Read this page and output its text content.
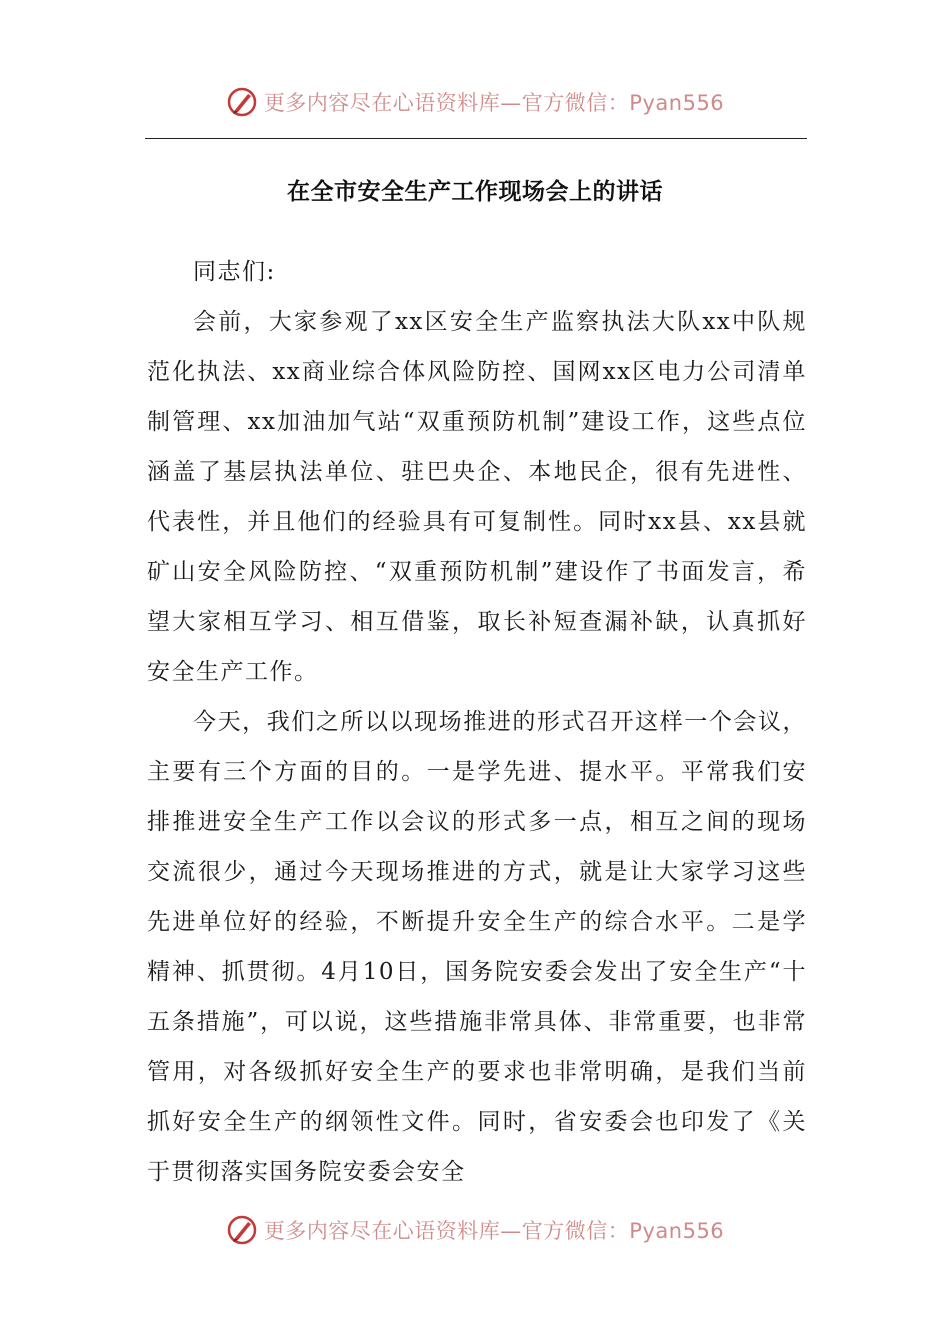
更多内容尽在心语资料库—官方微信：Pyan556
在全市安全生产工作现场会上的讲话

同志们:

会前，大家参观了xx区安全生产监察执法大队xx中队规范化执法、xx商业综合体风险防控、国网xx区电力公司清单制管理、xx加油加气站“双重预防机制”建设工作，这些点位涵盖了基层执法单位、驻巴央企、本地民企，很有先进性、代表性，并且他们的经验具有可复制性。同时xx县、xx县就矿山安全风险防控、“双重预防机制”建设作了书面发言，希望大家相互学习、相互借鉴，取长补短查漏补缺，认真抓好安全生产工作。

今天，我们之所以以现场推进的形式召开这样一个会议，主要有三个方面的目的。一是学先进、提水平。平常我们安排推进安全生产工作以会议的形式多一点，相互之间的现场交流很少，通过今天现场推进的方式，就是让大家学习这些先进单位好的经验，不断提升安全生产的综合水平。二是学精神、抓贯彻。4月10日，国务院安委会发出了安全生产“十五条措施”，可以说，这些措施非常具体、非常重要，也非常管用，对各级抓好安全生产的要求也非常明确，是我们当前抓好安全生产的纲领性文件。同时，省安委会也印发了《关于贯彻落实国务院安委会安全

更多内容尽在心语资料库—官方微信：Pyan556
